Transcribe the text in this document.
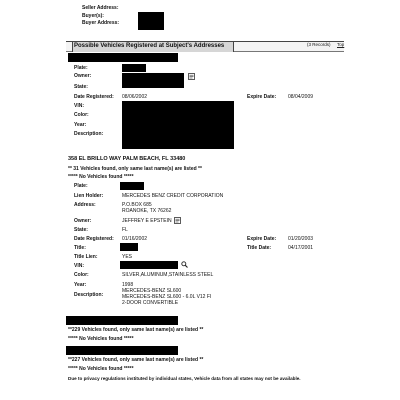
Seller Address:
Buyer(s):
Buyer Address:
Possible Vehicles Registered at Subject's Addresses	(3 Records) Top
Plate:
Owner:
State:
Date Registered: 08/06/2002	Expire Date: 08/04/2009
VIN:
Color:
Year:
Description:
358 EL BRILLO WAY PALM BEACH, FL 33480
** 31 Vehicles found, only same last name(s) are listed **
***** No Vehicles found *****
Plate:
Lien Holder:	MERCEDES BENZ CREDIT CORPORATION
Address:	P.O.BOX 685
ROANOKE, TX 76262
Owner:	JEFFREY E EPSTEIN
State:	FL
Date Registered: 01/16/2002	Expire Date: 01/20/2003
Title:	Title Date:	04/17/2001
Title Lien:	YES
VIN:
Color:	SILVER,ALUMINUM,STAINLESS STEEL
Year:	1998
Description:
MERCEDES-BENZ SL600
MERCEDES-BENZ SL600 - 6.0L V12 FI
2-DOOR CONVERTIBLE
**229 Vehicles found, only same last name(s) are listed **
***** No Vehicles found *****
**227 Vehicles found, only same last name(s) are listed **
***** No Vehicles found *****
Due to privacy regulations instituted by individual states, Vehicle data from all states may not be available.
